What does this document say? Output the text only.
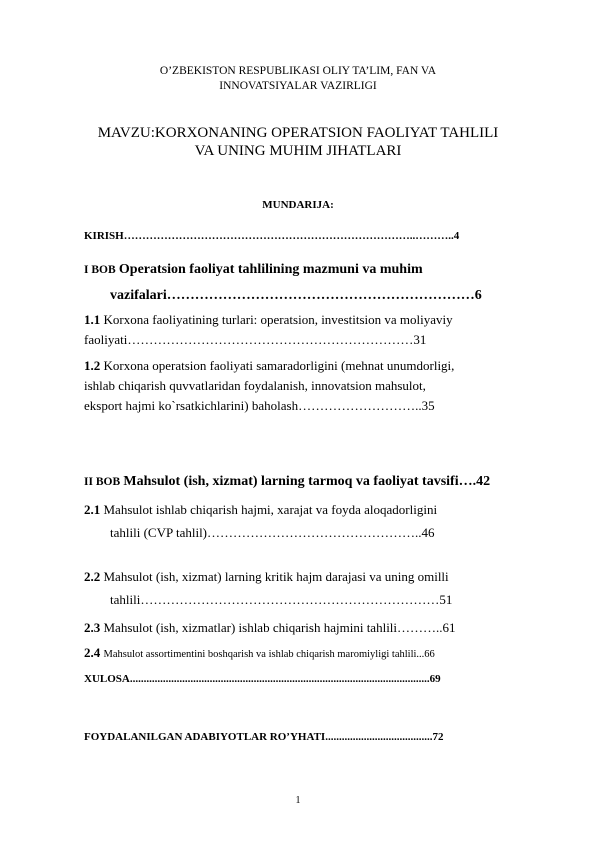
O’ZBEKISTON RESPUBLIKASI OLIY TA’LIM, FAN VA
INNOVATSIYALAR VAZIRLIGI
MAVZU:KORXONANING OPERATSION FAOLIYAT TAHLILI
VA UNING MUHIM JIHATLARI
MUNDARIJA:
KIRISH……………………………………………………………………..………..4
I BOB Operatsion faoliyat tahlilining mazmuni va muhim
vazifalari…………………………………………………………6
1.1 Korxona faoliyatining turlari: operatsion, investitsion va moliyaviy
faoliyati…………………………………………………………31
1.2 Korxona operatsion faoliyati samaradorligini (mehnat unumdorligi,
ishlab chiqarish quvvatlaridan foydalanish, innovatsion mahsulot,
eksport hajmi ko`rsatkichlarini) baholash………………………..35
II BOB Mahsulot (ish, xizmat) larning tarmoq va faoliyat tavsifi….42
2.1 Mahsulot ishlab chiqarish hajmi, xarajat va foyda aloqadorligini
tahlili (CVP tahlil)…………………………………………..46
2.2 Mahsulot (ish, xizmat) larning kritik hajm darajasi va uning omilli
tahlili……………………………………………………………51
2.3 Mahsulot (ish, xizmatlar) ishlab chiqarish hajmini tahlili………..61
2.4 Mahsulot assortimentini boshqarish va ishlab chiqarish maromiyligi tahlili...66
XULOSA.............................................................................................................69
FOYDALANILGAN ADABIYOTLAR RO’YHATI.......................................72
1
